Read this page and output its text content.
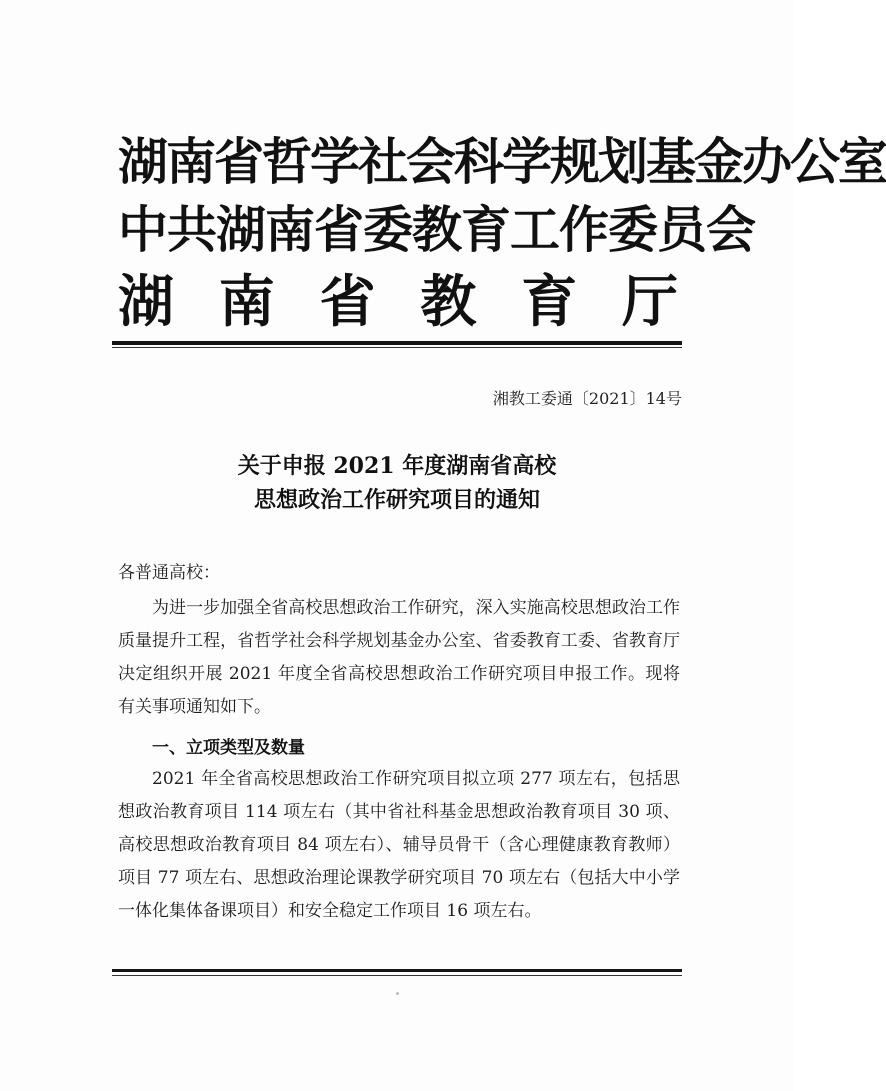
湖南省哲学社会科学规划基金办公室
中共湖南省委教育工作委员会
湖 南 省 教 育 厅
湘教工委通〔2021〕14号
关于申报 2021 年度湖南省高校
思想政治工作研究项目的通知
各普通高校：
为进一步加强全省高校思想政治工作研究，深入实施高校思想政治工作质量提升工程，省哲学社会科学规划基金办公室、省委教育工委、省教育厅决定组织开展 2021 年度全省高校思想政治工作研究项目申报工作。现将有关事项通知如下。
一、立项类型及数量
2021 年全省高校思想政治工作研究项目拟立项 277 项左右，包括思想政治教育项目 114 项左右（其中省社科基金思想政治教育项目 30 项、高校思想政治教育项目 84 项左右）、辅导员骨干（含心理健康教育教师）项目 77 项左右、思想政治理论课教学研究项目 70 项左右（包括大中小学一体化集体备课项目）和安全稳定工作项目 16 项左右。
